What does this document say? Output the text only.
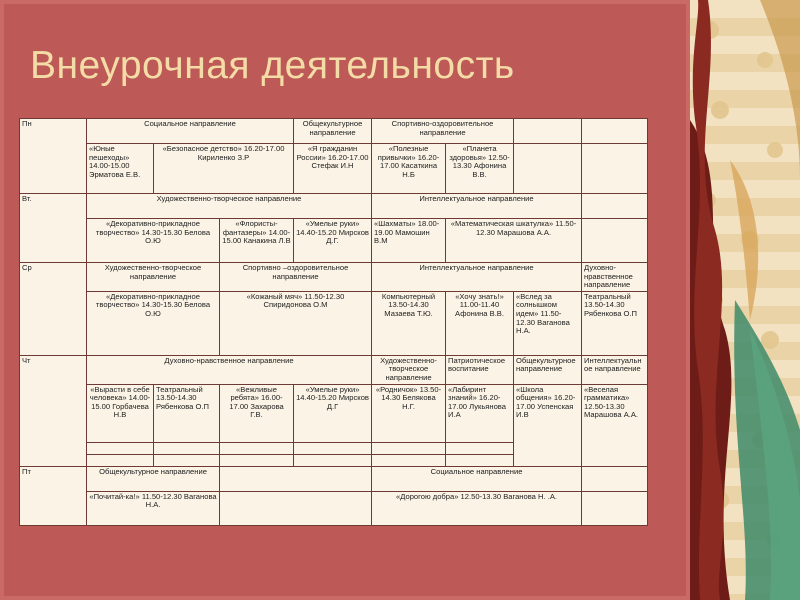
Внеурочная деятельность
Пн	Социальное направление			Общекультурное направление	Спортивно-оздоровительное направление			
	«Юные пешеходы» 14.00-15.00 Эрматова Е.В.	«Безопасное детство» 16.20-17.00 Кириленко З.Р		«Я гражданин России» 16.20-17.00 Стефак И.Н	«Полезные привычки» 16.20-17.00 Касаткина Н.Б	«Планета здоровья» 12.50-13.30 Афонина В.В.		
Вт.	Художественно-творческое направление				Интеллектуальное направление			
	«Декоративно-прикладное творчество» 14.30-15.30 Белова О.Ю		«Флористы-фантазеры» 14.00-15.00 Канакина Л.В	«Умелые руки» 14.40-15.20 Мирсков Д.Г.	«Шахматы» 18.00-19.00 Мамошин В.М	«Математическая шкатулка» 11.50-12.30 Марашова А.А.		
Ср	Художественно-творческое направление		Спортивно –оздоровительное направление		Интеллектуальное направление			Духовно-нравственное направление
	«Декоративно-прикладное творчество» 14.30-15.30 Белова О.Ю		«Кожаный мяч» 11.50-12.30 Спиридонова О.М		Компьютерный 13.50-14.30 Мазаева Т.Ю.	«Хочу знать!» 11.00-11.40 Афонина В.В.	«Вслед за солнышком идем» 11.50-12.30 Ваганова Н.А.	Театральный 13.50-14.30 Рябенкова О.П
Чт	Духовно-нравственное направление				Художественно-творческое направление	Патриотическое воспитание	Общекультурное направление	Интеллектуальное направление
	«Вырасти в себе человека» 14.00-15.00 Горбачева Н.В	Театральный 13.50-14.30 Рябенкова О.П	«Вежливые ребята» 16.00-17.00 Захарова Г.В.	«Умелые руки» 14.40-15.20 Мирсков Д.Г	«Родничок» 13.50-14.30 Белякова Н.Г.	«Лабиринт знаний» 16.20-17.00 Лукьянова И.А	«Школа общения» 16.20-17.00 Успенская И.В	«Веселая грамматика» 12.50-13.30 Марашова А.А.

Пт	Общекультурное направление				Социальное направление			
	«Почитай-ка!» 11.50-12.30 Ваганова Н.А.				«Дорогою добра» 12.50-13.30 Ваганова Н. .А.			
